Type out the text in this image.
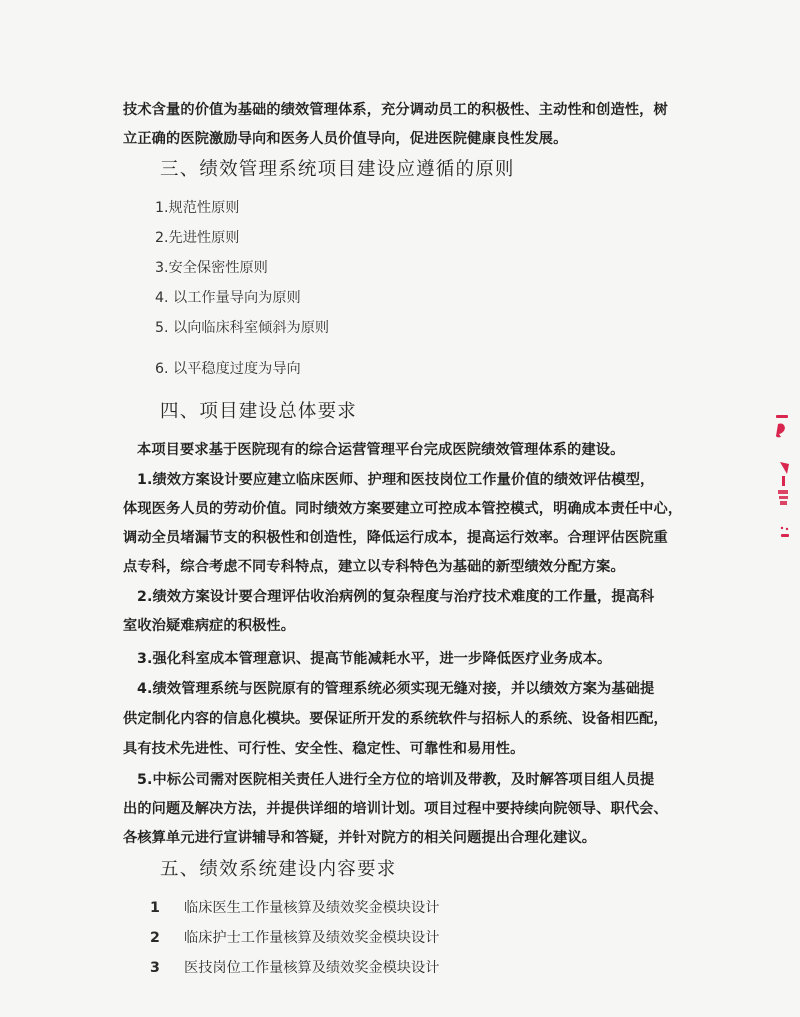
技术含量的价值为基础的绩效管理体系，充分调动员工的积极性、主动性和创造性，树
立正确的医院激励导向和医务人员价值导向，促进医院健康良性发展。
三、绩效管理系统项目建设应遵循的原则
1.规范性原则
2.先进性原则
3.安全保密性原则
4. 以工作量导向为原则
5. 以向临床科室倾斜为原则
6. 以平稳度过度为导向
四、项目建设总体要求
本项目要求基于医院现有的综合运营管理平台完成医院绩效管理体系的建设。
1.绩效方案设计要应建立临床医师、护理和医技岗位工作量价值的绩效评估模型，
体现医务人员的劳动价值。同时绩效方案要建立可控成本管控模式，明确成本责任中心，
调动全员堵漏节支的积极性和创造性，降低运行成本，提高运行效率。合理评估医院重
点专科，综合考虑不同专科特点，建立以专科特色为基础的新型绩效分配方案。
2.绩效方案设计要合理评估收治病例的复杂程度与治疗技术难度的工作量，提高科
室收治疑难病症的积极性。
3.强化科室成本管理意识、提高节能减耗水平，进一步降低医疗业务成本。
4.绩效管理系统与医院原有的管理系统必须实现无缝对接，并以绩效方案为基础提
供定制化内容的信息化模块。要保证所开发的系统软件与招标人的系统、设备相匹配，
具有技术先进性、可行性、安全性、稳定性、可靠性和易用性。
5.中标公司需对医院相关责任人进行全方位的培训及带教，及时解答项目组人员提
出的问题及解决方法，并提供详细的培训计划。项目过程中要持续向院领导、职代会、
各核算单元进行宣讲辅导和答疑，并针对院方的相关问题提出合理化建议。
五、绩效系统建设内容要求
1 临床医生工作量核算及绩效奖金模块设计
2 临床护士工作量核算及绩效奖金模块设计
3 医技岗位工作量核算及绩效奖金模块设计
